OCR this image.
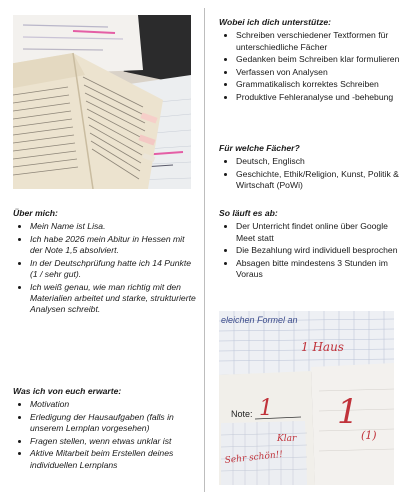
Über mich:
• Mein Name ist Lisa.
• Ich habe 2026 mein Abitur in Hessen mit der Note 1,5 absolviert.
• In der Deutschprüfung hatte ich 14 Punkte (1 / sehr gut).
• Ich weiß genau, wie man richtig mit den Materialien arbeitet und starke, strukturierte Analysen schreibt.
Was ich von euch erwarte:
• Motivation
• Erledigung der Hausaufgaben (falls in unserem Lernplan vorgesehen)
• Fragen stellen, wenn etwas unklar ist
• Aktive Mitarbeit beim Erstellen deines individuellen Lernplans
Wobei ich dich unterstütze:
• Schreiben verschiedener Textformen für unterschiedliche Fächer
• Gedanken beim Schreiben klar formulieren
• Verfassen von Analysen
• Grammatikalisch korrektes Schreiben
• Produktive Fehleranalyse und -behebung
Für welche Fächer?
• Deutsch, Englisch
• Geschichte, Ethik/Religion, Kunst, Politik & Wirtschaft (PoWi)
So läuft es ab:
• Der Unterricht findet online über Google Meet statt
• Die Bezahlung wird individuell besprochen
• Absagen bitte mindestens 3 Stunden im Voraus
eleichen Formel an
1 Haus
Note: 1 1
Klar
Sehr schön!!
(1)
